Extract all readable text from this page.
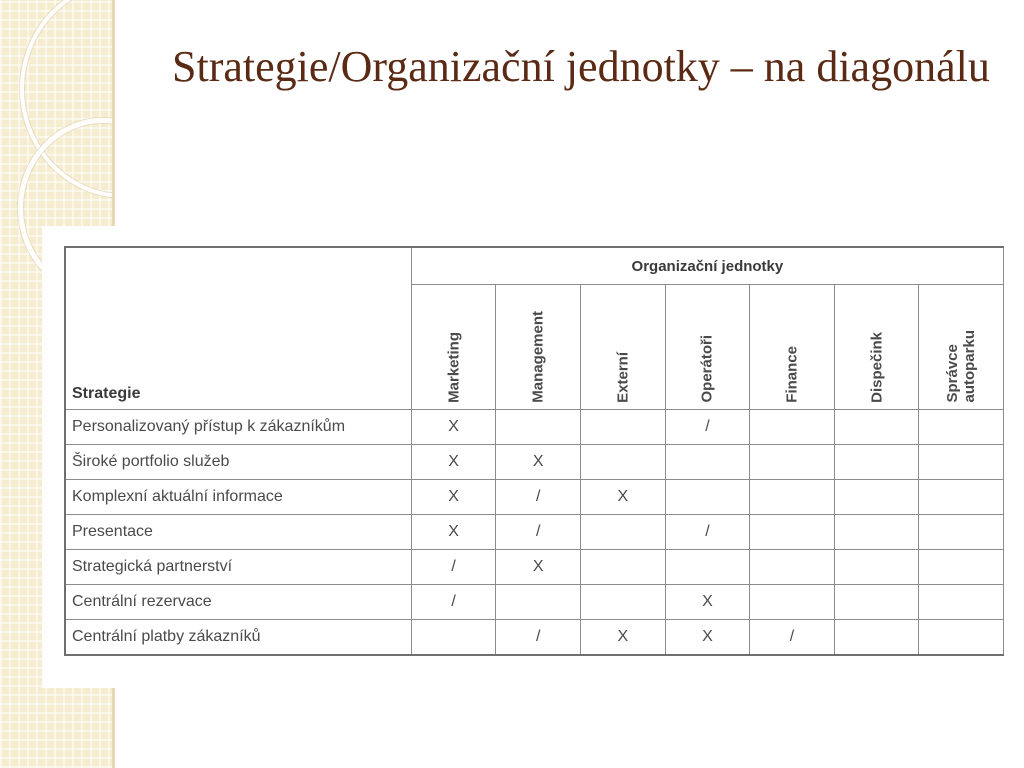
Strategie/Organizační jednotky – na diagonálu
Strategie	Organizační jednotky						

	Marketing	Management	Externí	Operátoři	Finance	Dispečink	Správce
autoparku

Personalizovaný přístup k zákazníkům	X			/			
Široké portfolio služeb	X	X					
Komplexní aktuální informace	X	/	X				
Presentace	X	/		/			
Strategická partnerství	/	X					
Centrální rezervace	/			X			
Centrální platby zákazníků		/	X	X	/		
